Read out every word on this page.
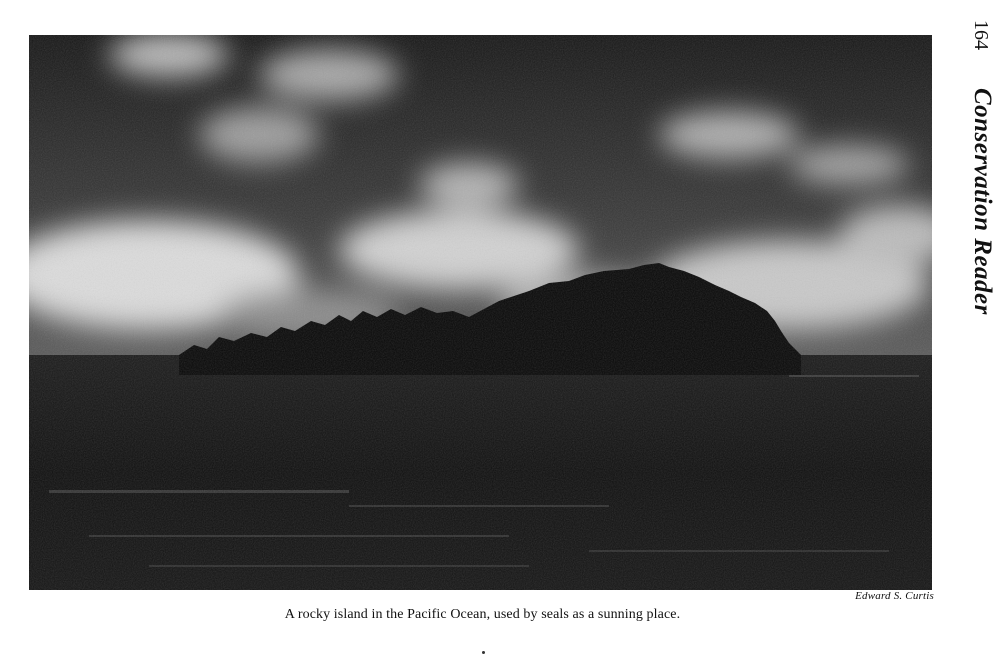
Edward S. Curtis
A rocky island in the Pacific Ocean, used by seals as a sunning place.
164
Conservation Reader
